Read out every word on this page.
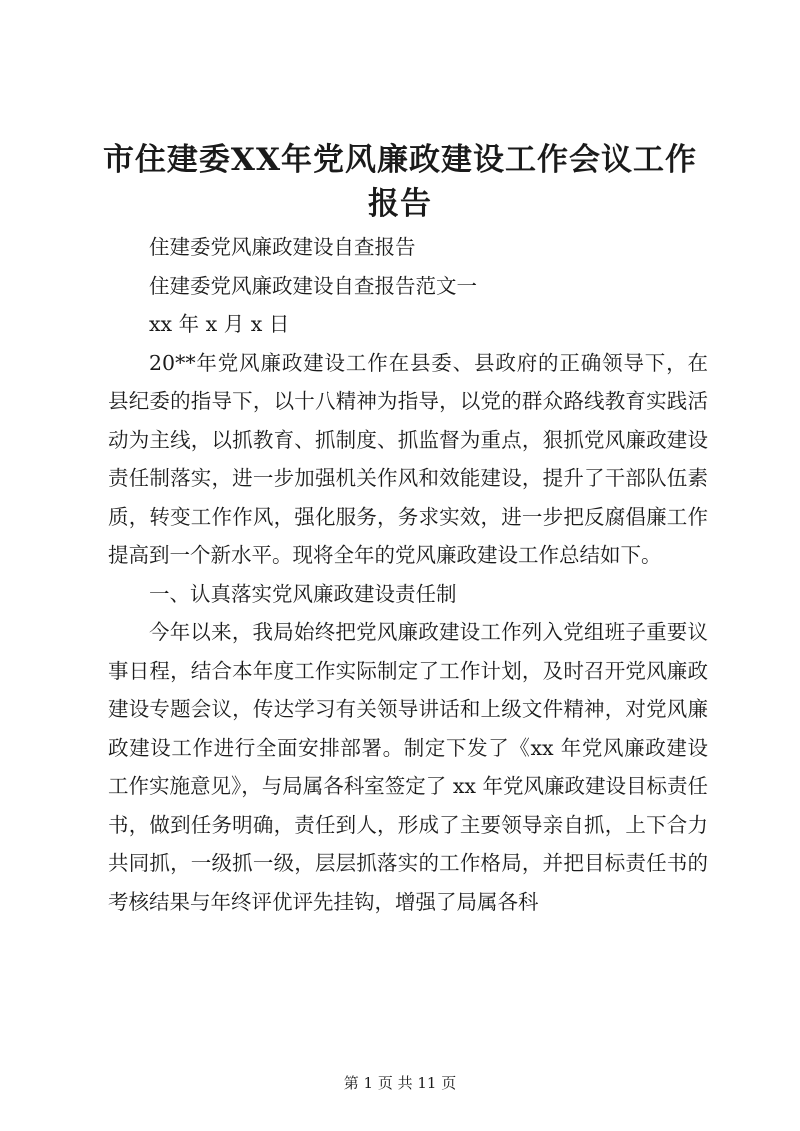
市住建委XX年党风廉政建设工作会议工作报告

住建委党风廉政建设自查报告

住建委党风廉政建设自查报告范文一

xx 年 x 月 x 日

20**年党风廉政建设工作在县委、县政府的正确领导下，在县纪委的指导下，以十八精神为指导，以党的群众路线教育实践活动为主线，以抓教育、抓制度、抓监督为重点，狠抓党风廉政建设责任制落实，进一步加强机关作风和效能建设，提升了干部队伍素质，转变工作作风，强化服务，务求实效，进一步把反腐倡廉工作提高到一个新水平。现将全年的党风廉政建设工作总结如下。

一、认真落实党风廉政建设责任制

今年以来，我局始终把党风廉政建设工作列入党组班子重要议事日程，结合本年度工作实际制定了工作计划，及时召开党风廉政建设专题会议，传达学习有关领导讲话和上级文件精神，对党风廉政建设工作进行全面安排部署。制定下发了《xx 年党风廉政建设工作实施意见》，与局属各科室签定了 xx 年党风廉政建设目标责任书，做到任务明确，责任到人，形成了主要领导亲自抓，上下合力共同抓，一级抓一级，层层抓落实的工作格局，并把目标责任书的考核结果与年终评优评先挂钩，增强了局属各科

第 1 页 共 11 页
